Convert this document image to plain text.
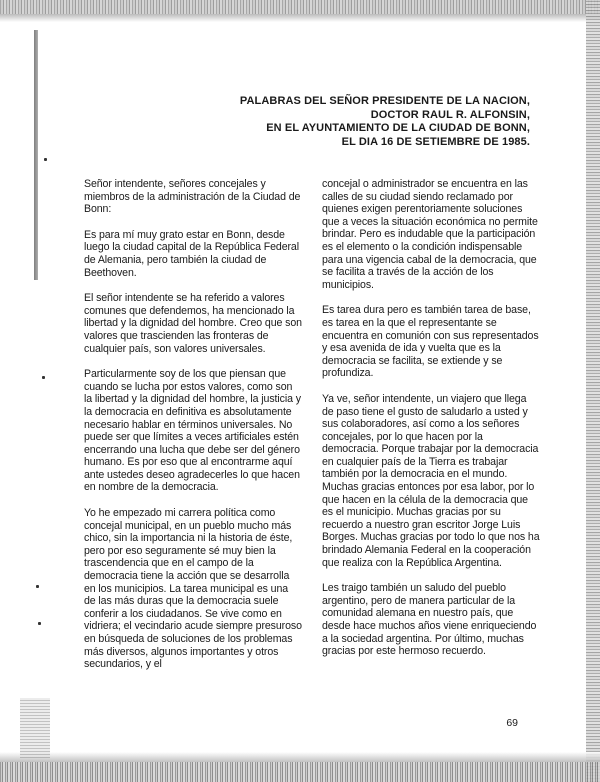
PALABRAS DEL SEÑOR PRESIDENTE DE LA NACION,
DOCTOR RAUL R. ALFONSIN,
EN EL AYUNTAMIENTO DE LA CIUDAD DE BONN,
EL DIA 16 DE SETIEMBRE DE 1985.

Señor intendente, señores concejales y miembros de la administración de la Ciudad de Bonn:

Es para mí muy grato estar en Bonn, desde luego la ciudad capital de la República Federal de Alemania, pero también la ciudad de Beethoven.

El señor intendente se ha referido a valores comunes que defendemos, ha mencionado la libertad y la dignidad del hombre. Creo que son valores que trascienden las fronteras de cualquier país, son valores universales.

Particularmente soy de los que piensan que cuando se lucha por estos valores, como son la libertad y la dignidad del hombre, la justicia y la democracia en definitiva es absolutamente necesario hablar en términos universales. No puede ser que límites a veces artificiales estén encerrando una lucha que debe ser del género humano. Es por eso que al encontrarme aquí ante ustedes deseo agradecerles lo que hacen en nombre de la democracia.

Yo he empezado mi carrera política como concejal municipal, en un pueblo mucho más chico, sin la importancia ni la historia de éste, pero por eso seguramente sé muy bien la trascendencia que en el campo de la democracia tiene la acción que se desarrolla en los municipios. La tarea municipal es una de las más duras que la democracia suele conferir a los ciudadanos. Se vive como en vidriera; el vecindario acude siempre presuroso en búsqueda de soluciones de los problemas más diversos, algunos importantes y otros secundarios, y el

concejal o administrador se encuentra en las calles de su ciudad siendo reclamado por quienes exigen perentoriamente soluciones que a veces la situación económica no permite brindar. Pero es indudable que la participación es el elemento o la condición indispensable para una vigencia cabal de la democracia, que se facilita a través de la acción de los municipios.

Es tarea dura pero es también tarea de base, es tarea en la que el representante se encuentra en comunión con sus representados y esa avenida de ida y vuelta que es la democracia se facilita, se extiende y se profundiza.

Ya ve, señor intendente, un viajero que llega de paso tiene el gusto de saludarlo a usted y sus colaboradores, así como a los señores concejales, por lo que hacen por la democracia. Porque trabajar por la democracia en cualquier país de la Tierra es trabajar también por la democracia en el mundo. Muchas gracias entonces por esa labor, por lo que hacen en la célula de la democracia que es el municipio. Muchas gracias por su recuerdo a nuestro gran escritor Jorge Luis Borges. Muchas gracias por todo lo que nos ha brindado Alemania Federal en la cooperación que realiza con la República Argentina.

Les traigo también un saludo del pueblo argentino, pero de manera particular de la comunidad alemana en nuestro país, que desde hace muchos años viene enriqueciendo a la sociedad argentina. Por último, muchas gracias por este hermoso recuerdo.

69
